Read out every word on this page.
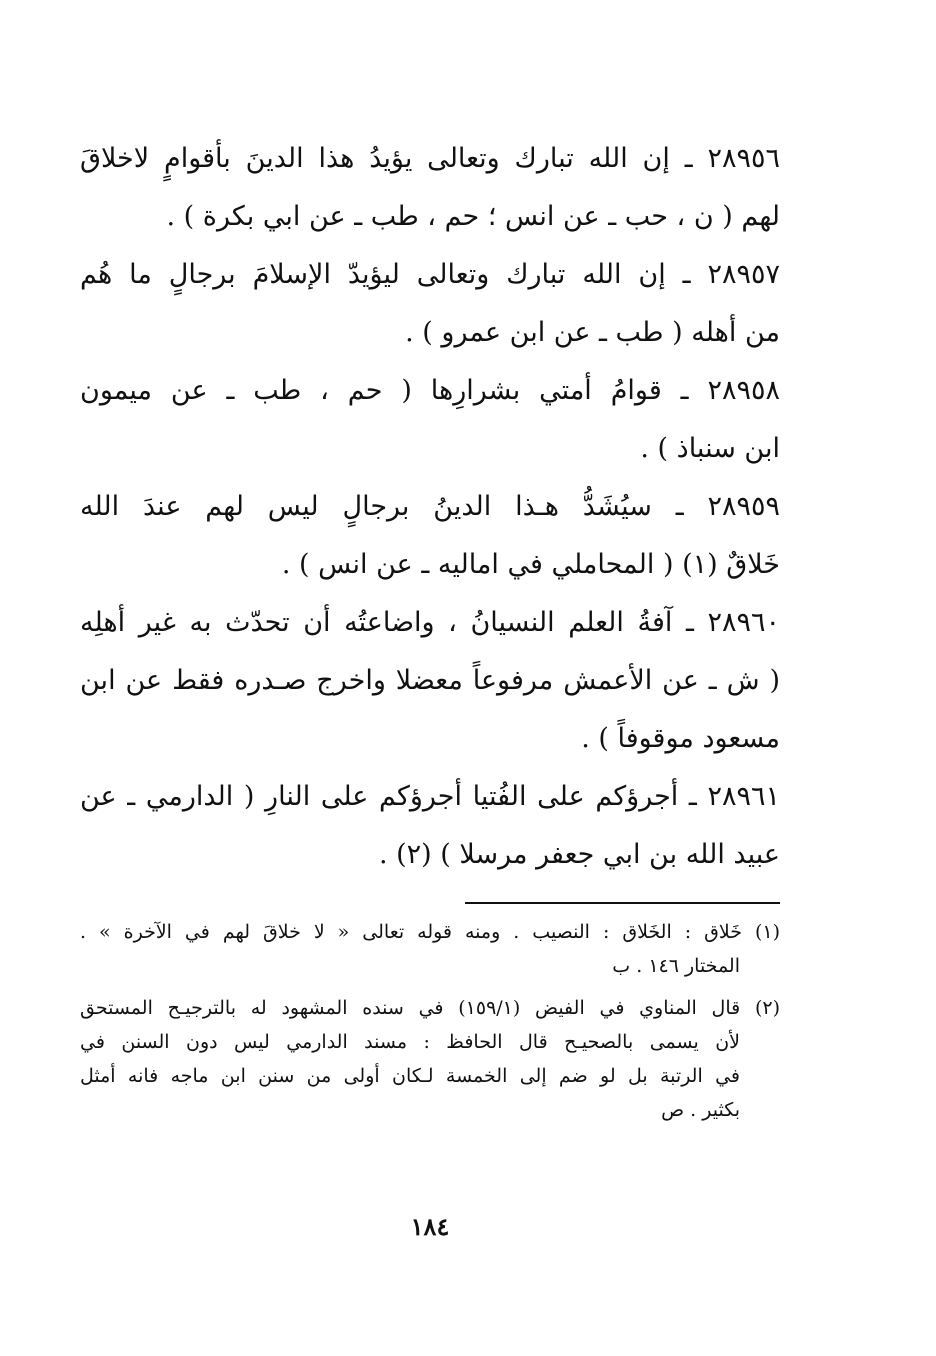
٢٨٩٥٦ ـ إن الله تبارك وتعالى يؤيدُ هذا الدينَ بأقوامٍ لاخلاقَ
لهم ( ن ، حب ـ عن انس ؛ حم ، طب ـ عن ابي بكرة ) .
٢٨٩٥٧ ـ إن الله تبارك وتعالى ليؤيدّ الإسلامَ برجالٍ ما هُم
من أهله ( طب ـ عن ابن عمرو ) .
٢٨٩٥٨ ـ قوامُ أمتي بشرارِها ( حم ، طب ـ عن ميمون
ابن سنباذ ) .
٢٨٩٥٩ ـ سيُشَدُّ هـذا الدينُ برجالٍ ليس لهم عندَ الله
خَلاقٌ (١) ( المحاملي في اماليه ـ عن انس ) .
٢٨٩٦٠ ـ آفةُ العلم النسيانُ ، واضاعتُه أن تحدّث به غير أهلِه
( ش ـ عن الأعمش مرفوعاً معضلا واخرج صـدره فقط عن ابن
مسعود موقوفاً ) .
٢٨٩٦١ ـ أجرؤكم على الفُتيا أجرؤكم على النارِ ( الدارمي ـ عن
عبيد الله بن ابي جعفر مرسلا ) (٢) .
(١) خَلاق : الخَلاق : النصيب . ومنه قوله تعالى « لا خلاقَ لهم في الآخرة » .
المختار ١٤٦ . ب
(٢) قال المناوي في الفيض (١٥٩/١) في سنده المشهود له بالترجيـح المستحق
لأن يسمى بالصحيـح قال الحافظ : مسند الدارمي ليس دون السنن في
في الرتبة بل لو ضم إلى الخمسة لـكان أولى من سنن ابن ماجه فانه أمثل
بكثير . ص
١٨٤
